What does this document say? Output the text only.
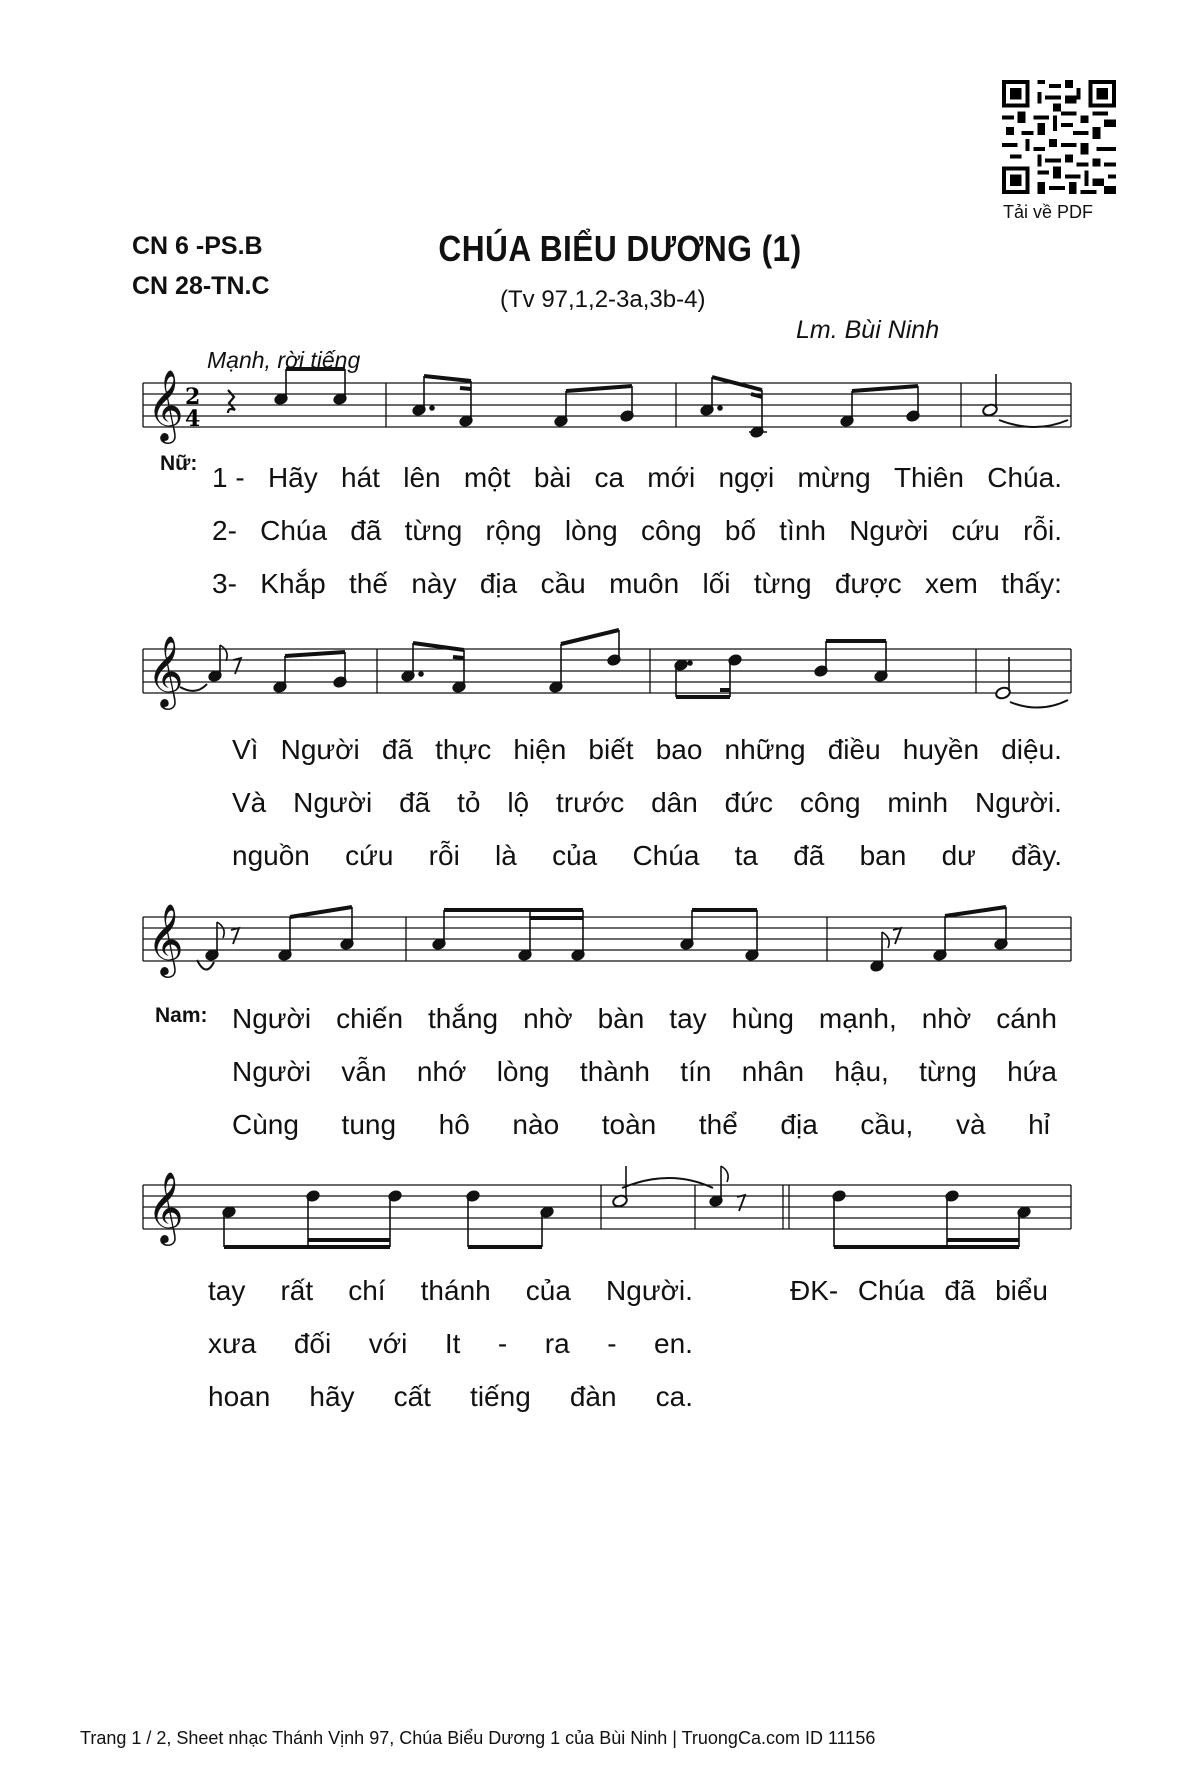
CN 6 -PS.B
CN 28-TN.C
CHÚA BIỂU DƯƠNG (1)
(Tv 97,1,2-3a,3b-4)
Lm. Bùi Ninh
Mạnh, rời tiếng
Tải về PDF
𝄞 2
4
Nữ: 1 - Hãy hát lên một bài ca mới ngợi mừng Thiên Chúa.
2- Chúa đã từng rộng lòng công bố tình Người cứu rỗi.
3- Khắp thế này địa cầu muôn lối từng được xem thấy:
𝄞
Vì Người đã thực hiện biết bao những điều huyền diệu.
Và Người đã tỏ lộ trước dân đức công minh Người.
nguồn cứu rỗi là của Chúa ta đã ban dư đầy.
𝄞
Nam: Người chiến thắng nhờ bàn tay hùng mạnh, nhờ cánh
Người vẫn nhớ lòng thành tín nhân hậu, từng hứa
Cùng tung hô nào toàn thể địa cầu, và hỉ
𝄞
tay rất chí thánh của Người.	ĐK- Chúa đã biểu
xưa đối với It - ra - en.
hoan hãy cất tiếng đàn ca.
Trang 1 / 2, Sheet nhạc Thánh Vịnh 97, Chúa Biểu Dương 1 của Bùi Ninh | TruongCa.com ID 11156
